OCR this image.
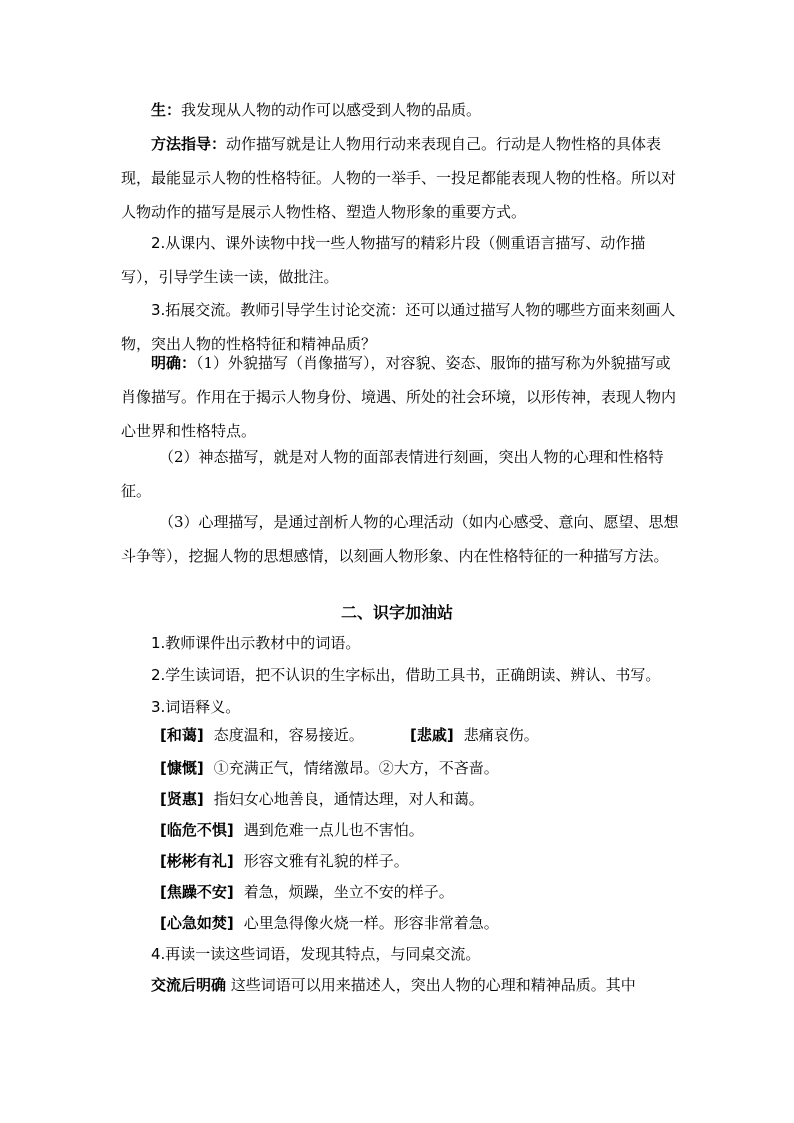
生：我发现从人物的动作可以感受到人物的品质。

方法指导：动作描写就是让人物用行动来表现自己。行动是人物性格的具体表现，最能显示人物的性格特征。人物的一举手、一投足都能表现人物的性格。所以对人物动作的描写是展示人物性格、塑造人物形象的重要方式。

2.从课内、课外读物中找一些人物描写的精彩片段（侧重语言描写、动作描写），引导学生读一读，做批注。

3.拓展交流。教师引导学生讨论交流：还可以通过描写人物的哪些方面来刻画人物，突出人物的性格特征和精神品质？

明确：（1）外貌描写（肖像描写），对容貌、姿态、服饰的描写称为外貌描写或肖像描写。作用在于揭示人物身份、境遇、所处的社会环境，以形传神，表现人物内心世界和性格特点。

（2）神态描写，就是对人物的面部表情进行刻画，突出人物的心理和性格特征。

（3）心理描写，是通过剖析人物的心理活动（如内心感受、意向、愿望、思想斗争等），挖掘人物的思想感情，以刻画人物形象、内在性格特征的一种描写方法。

二、识字加油站

1.教师课件出示教材中的词语。

2.学生读词语，把不认识的生字标出，借助工具书，正确朗读、辨认、书写。

3.词语释义。

[和蔼] 态度温和，容易接近。	[悲戚] 悲痛哀伤。
[慷慨] ①充满正气，情绪激昂。②大方，不吝啬。
[贤惠] 指妇女心地善良，通情达理，对人和蔼。
[临危不惧] 遇到危难一点儿也不害怕。
[彬彬有礼] 形容文雅有礼貌的样子。
[焦躁不安] 着急，烦躁，坐立不安的样子。
[心急如焚] 心里急得像火烧一样。形容非常着急。

4.再读一读这些词语，发现其特点，与同桌交流。

交流后明确 这些词语可以用来描述人，突出人物的心理和精神品质。其中
